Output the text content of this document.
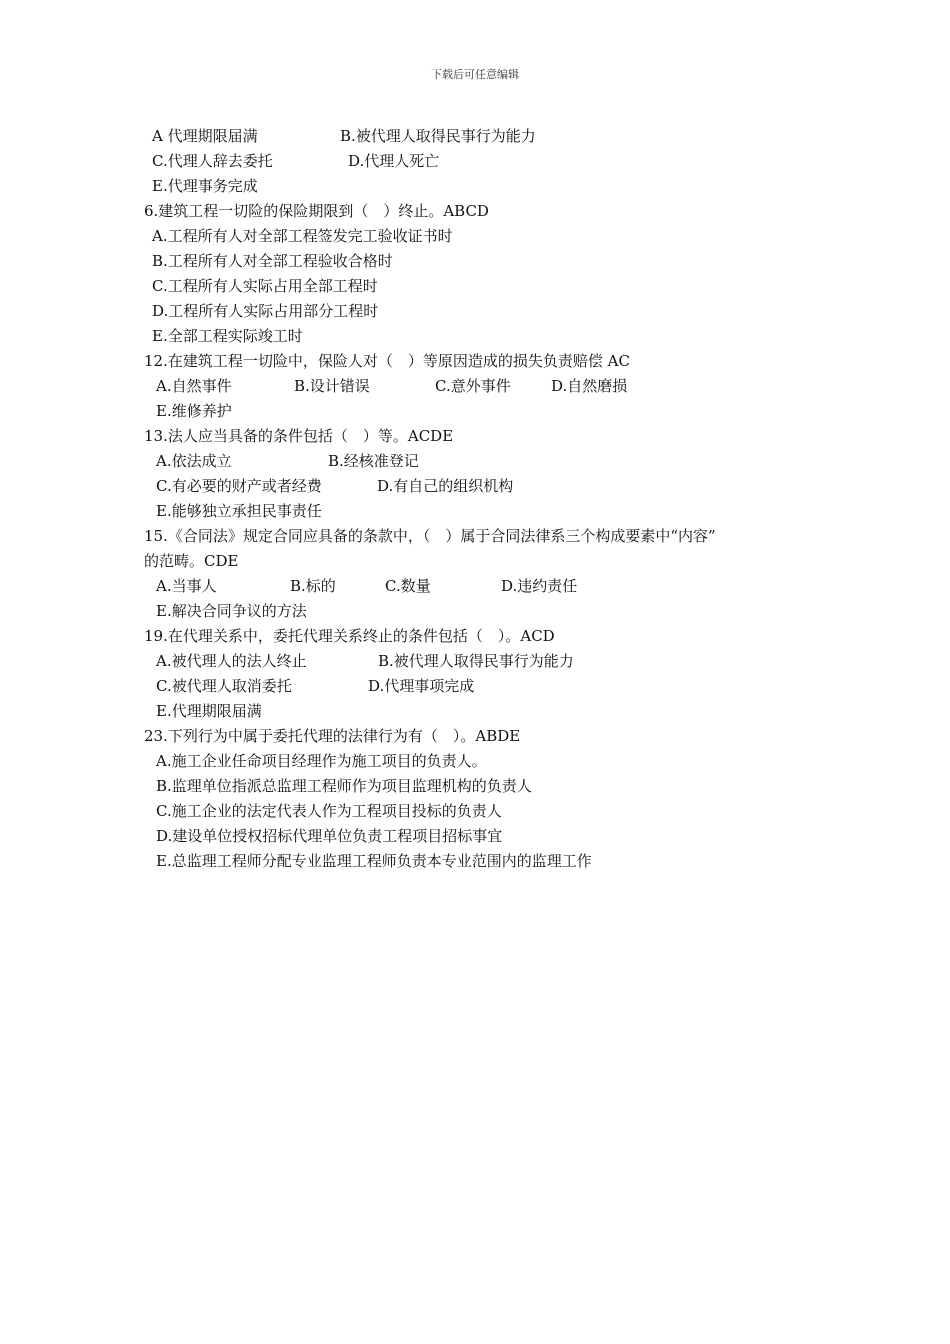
下载后可任意编辑
A 代理期限届满	B.被代理人取得民事行为能力
C.代理人辞去委托	D.代理人死亡
E.代理事务完成
6.建筑工程一切险的保险期限到（　）终止。ABCD
A.工程所有人对全部工程签发完工验收证书时
B.工程所有人对全部工程验收合格时
C.工程所有人实际占用全部工程时
D.工程所有人实际占用部分工程时
E.全部工程实际竣工时
12.在建筑工程一切险中，保险人对（　）等原因造成的损失负责赔偿 AC
A.自然事件	B.设计错误	C.意外事件	D.自然磨损
E.维修养护
13.法人应当具备的条件包括（　）等。ACDE
A.依法成立	B.经核准登记
C.有必要的财产或者经费	D.有自己的组织机构
E.能够独立承担民事责任
15.《合同法》规定合同应具备的条款中，（　）属于合同法律系三个构成要素中“内容”
的范畴。CDE
A.当事人	B.标的	C.数量	D.违约责任
E.解决合同争议的方法
19.在代理关系中，委托代理关系终止的条件包括（　）。ACD
A.被代理人的法人终止	B.被代理人取得民事行为能力
C.被代理人取消委托	D.代理事项完成
E.代理期限届满
23.下列行为中属于委托代理的法律行为有（　）。ABDE
A.施工企业任命项目经理作为施工项目的负责人。
B.监理单位指派总监理工程师作为项目监理机构的负责人
C.施工企业的法定代表人作为工程项目投标的负责人
D.建设单位授权招标代理单位负责工程项目招标事宜
E.总监理工程师分配专业监理工程师负责本专业范围内的监理工作
